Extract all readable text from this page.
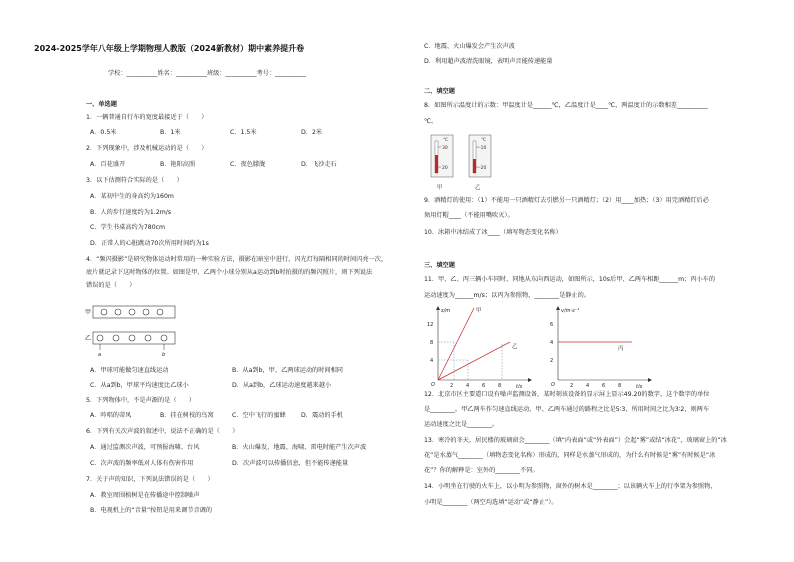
2024-2025学年八年级上学期物理人教版（2024新教材）期中素养提升卷
学校：__________姓名：__________班级：__________考号：__________
一、单选题
1．一辆普通自行车的宽度最接近于（　　）
A．0.5米	B．1米	C．1.5米	D．2米
2．下列现象中，涉及机械运动的是（　　）
A．百花盛开	B．艳阳高照	C．夜色朦胧	D．飞沙走石
3．以下估测符合实际的是（　　）
A．某初中生的身高约为160m
B．人的步行速度约为1.2m/s
C．学生书桌高约为780cm
D．正常人的心脏跳动70次所用时间约为1s
4．“频闪摄影”是研究物体运动时常用的一种实验方法，摄影在暗室中进行，闪光灯每隔相同的时间闪亮一次，
底片就记录下这时物体的位置。如图是甲、乙两个小球分别从a运动到b时拍摄的的频闪照片，则下列说法
错误的是（　　）
甲
乙
a	b
A．甲球可能做匀速直线运动	B．从a到b，甲、乙两球运动的时间相同
C．从a到b，甲球平均速度比乙球小	D．从a到b，乙球运动速度越来越小
5．下列物体中，不是声源的是（　　）
A．吟唱的蒂凤	B．挂在树枝的鸟窝	C．空中飞行的蜜蜂 D．震动的手机
6．下列有关次声波的叙述中，说法不正确的是（　　）
A．通过监测次声波，可预报海啸、台风	B．火山爆发、地震、海啸、雷电时能产生次声波
C．次声波的频率低对人体有伤害作用	D．次声波可以传播信息，但不能传递能量
7．关于声的知识，下列说法错误的是（　　）
A．教室周围植树是在传播途中控制噪声
B．电视机上的“音量”按钮是用来调节音调的
C．地震、火山爆发会产生次声波
D．利用超声波清洗眼镜，表明声音能传递能量
二、填空题
8．如图所示温度计的示数：甲温度计是______℃，乙温度计是____℃，两温度计的示数相差__________
℃。
℃
30
20
甲
℃
-10
-20
乙
9．酒精灯的使用：（1）不能用一只酒精灯去引燃另一只酒精灯；（2）用____加热；（3）用完酒精灯后必
须用灯帽____（不能用嘴吹灭）。
10．冰箱中冰结成了冰____（填写物态变化名称）
三、填空题
11．甲、乙、丙三辆小车同时、同地从东向西运动，如图所示，10s后甲、乙两车相距______m；丙小车的
运动速度为______m/s；以丙为参照物，________是静止的。
s/m
t/s
O
12
8
4
2	4	6	8
甲
乙
v/m·s⁻¹
t/s
O
6
4
2
2	4	6	8
丙
12．北京市区主要道口设有噪声监测设备，某时刻该设备的显示屏上显示49.20的数字，这个数字的单位
是________。甲乙两车作匀速直线运动，甲、乙两车通过的路程之比是5∶3，所用时间之比为3∶2，则两车
运动速度之比是________。
13．寒冷的冬天，居民楼的玻璃窗会________（填“内表面”或“外表面”）会起“雾”或结“冰花”，玻璃窗上的“冰
花”是水蒸气________（填物态变化名称）形成的，同样是水蒸气形成的，为什么有时候是“雾”有时候是“冰
花”？你的解释是：室外的________不同。
14．小明坐在行驶的火车上，以小明为参照物，窗外的树木是________；以该辆火车上的行李架为参照物，
小明是________（两空均选填“运动”或“静止”）。
